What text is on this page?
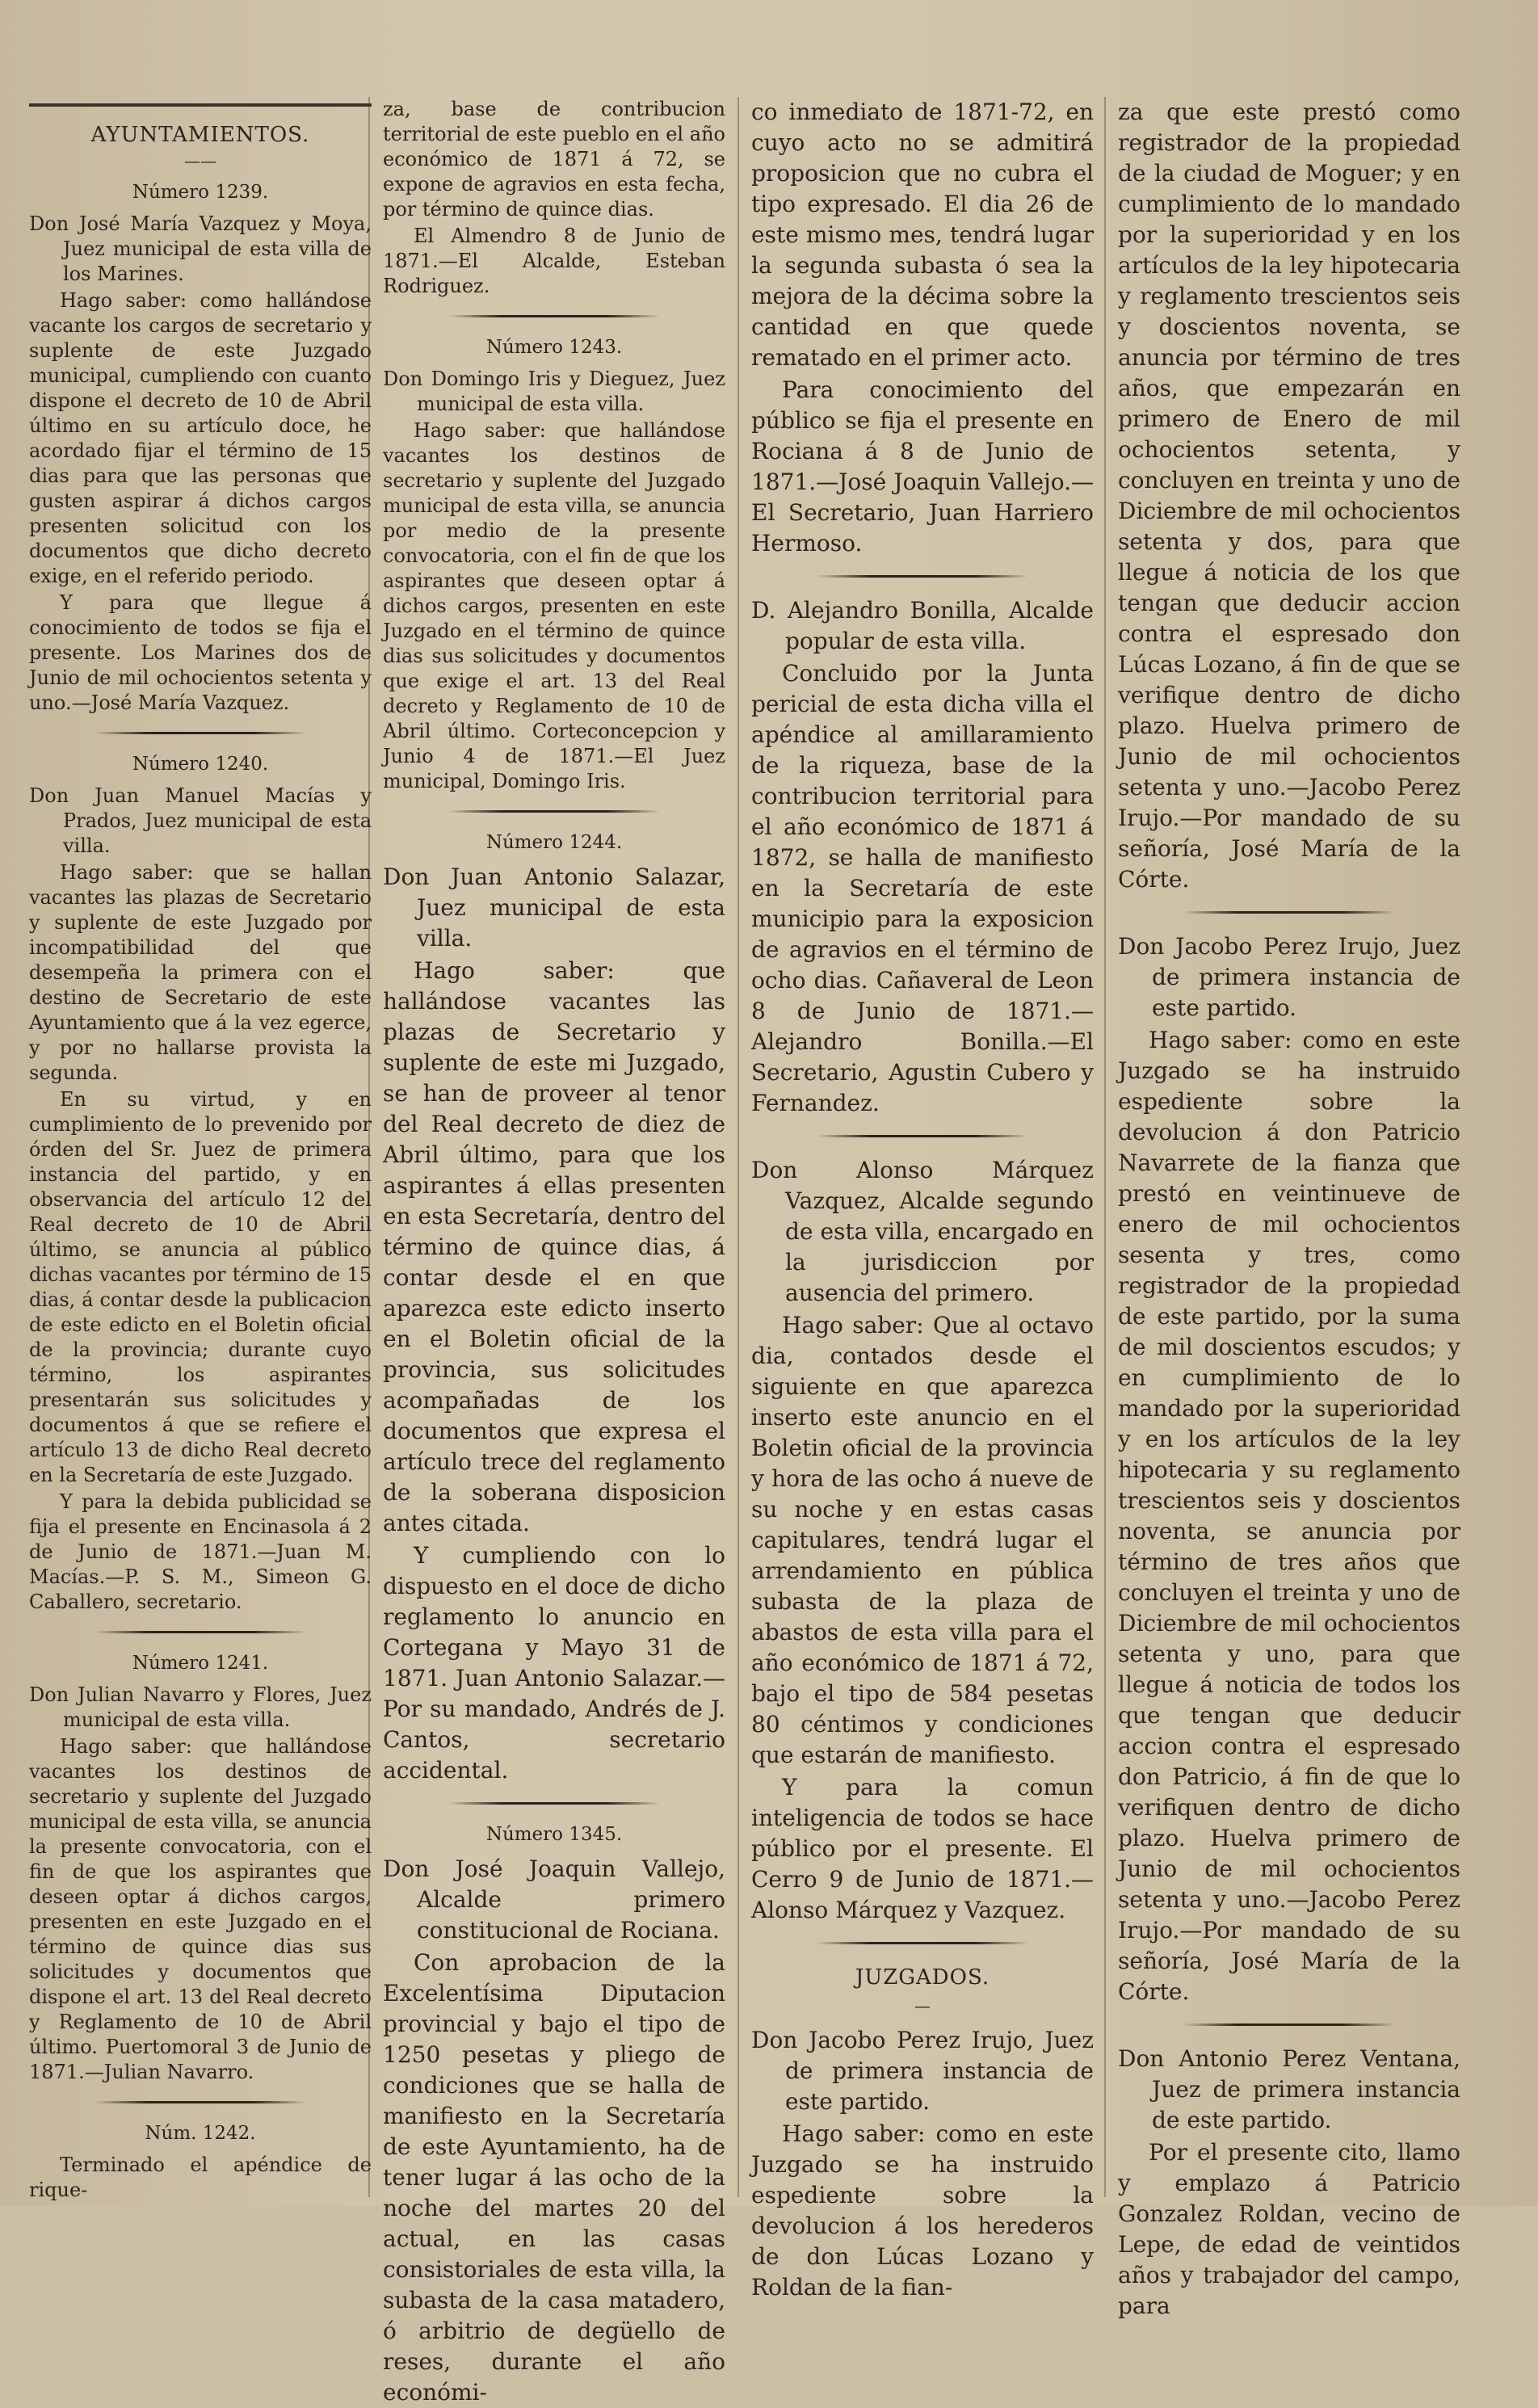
AYUNTAMIENTOS.
——
Número 1239.

Don José María Vazquez y Moya, Juez municipal de esta villa de los Marines.

Hago saber: como hallándose vacante los cargos de secretario y suplente de este Juzgado municipal, cumpliendo con cuanto dispone el decreto de 10 de Abril último en su artículo doce, he acordado fijar el término de 15 dias para que las personas que gusten aspirar á dichos cargos presenten solicitud con los documentos que dicho decreto exige, en el referido periodo.

Y para que llegue á conocimiento de todos se fija el presente. Los Marines dos de Junio de mil ochocientos setenta y uno.—José María Vazquez.

Número 1240.

Don Juan Manuel Macías y Prados, Juez municipal de esta villa.

Hago saber: que se hallan vacantes las plazas de Secretario y suplente de este Juzgado por incompatibilidad del que desempeña la primera con el destino de Secretario de este Ayuntamiento que á la vez egerce, y por no hallarse provista la segunda.

En su virtud, y en cumplimiento de lo prevenido por órden del Sr. Juez de primera instancia del partido, y en observancia del artículo 12 del Real decreto de 10 de Abril último, se anuncia al público dichas vacantes por término de 15 dias, á contar desde la publicacion de este edicto en el Boletin oficial de la provincia; durante cuyo término, los aspirantes presentarán sus solicitudes y documentos á que se refiere el artículo 13 de dicho Real decreto en la Secretaría de este Juzgado.

Y para la debida publicidad se fija el presente en Encinasola á 2 de Junio de 1871.—Juan M. Macías.—P. S. M., Simeon G. Caballero, secretario.

Número 1241.

Don Julian Navarro y Flores, Juez municipal de esta villa.

Hago saber: que hallándose vacantes los destinos de secretario y suplente del Juzgado municipal de esta villa, se anuncia la presente convocatoria, con el fin de que los aspirantes que deseen optar á dichos cargos, presenten en este Juzgado en el término de quince dias sus solicitudes y documentos que dispone el art. 13 del Real decreto y Reglamento de 10 de Abril último. Puertomoral 3 de Junio de 1871.—Julian Navarro.

Núm. 1242.

Terminado el apéndice de rique-

za, base de contribucion territorial de este pueblo en el año económico de 1871 á 72, se expone de agravios en esta fecha, por término de quince dias.

El Almendro 8 de Junio de 1871.—El Alcalde, Esteban Rodriguez.

Número 1243.

Don Domingo Iris y Dieguez, Juez municipal de esta villa.

Hago saber: que hallándose vacantes los destinos de secretario y suplente del Juzgado municipal de esta villa, se anuncia por medio de la presente convocatoria, con el fin de que los aspirantes que deseen optar á dichos cargos, presenten en este Juzgado en el término de quince dias sus solicitudes y documentos que exige el art. 13 del Real decreto y Reglamento de 10 de Abril último. Corteconcepcion y Junio 4 de 1871.—El Juez municipal, Domingo Iris.

Número 1244.

Don Juan Antonio Salazar, Juez municipal de esta villa.

Hago saber: que hallándose vacantes las plazas de Secretario y suplente de este mi Juzgado, se han de proveer al tenor del Real decreto de diez de Abril último, para que los aspirantes á ellas presenten en esta Secretaría, dentro del término de quince dias, á contar desde el en que aparezca este edicto inserto en el Boletin oficial de la provincia, sus solicitudes acompañadas de los documentos que expresa el artículo trece del reglamento de la soberana disposicion antes citada.

Y cumpliendo con lo dispuesto en el doce de dicho reglamento lo anuncio en Cortegana y Mayo 31 de 1871. Juan Antonio Salazar.—Por su mandado, Andrés de J. Cantos, secretario accidental.

Número 1345.

Don José Joaquin Vallejo, Alcalde primero constitucional de Rociana.

Con aprobacion de la Excelentísima Diputacion provincial y bajo el tipo de 1250 pesetas y pliego de condiciones que se halla de manifiesto en la Secretaría de este Ayuntamiento, ha de tener lugar á las ocho de la noche del martes 20 del actual, en las casas consistoriales de esta villa, la subasta de la casa matadero, ó arbitrio de degüello de reses, durante el año económi-

co inmediato de 1871-72, en cuyo acto no se admitirá proposicion que no cubra el tipo expresado. El dia 26 de este mismo mes, tendrá lugar la segunda subasta ó sea la mejora de la décima sobre la cantidad en que quede rematado en el primer acto.

Para conocimiento del público se fija el presente en Rociana á 8 de Junio de 1871.—José Joaquin Vallejo.—El Secretario, Juan Harriero Hermoso.

D. Alejandro Bonilla, Alcalde popular de esta villa.

Concluido por la Junta pericial de esta dicha villa el apéndice al amillaramiento de la riqueza, base de la contribucion territorial para el año económico de 1871 á 1872, se halla de manifiesto en la Secretaría de este municipio para la exposicion de agravios en el término de ocho dias. Cañaveral de Leon 8 de Junio de 1871.—Alejandro Bonilla.—El Secretario, Agustin Cubero y Fernandez.

Don Alonso Márquez Vazquez, Alcalde segundo de esta villa, encargado en la jurisdiccion por ausencia del primero.

Hago saber: Que al octavo dia, contados desde el siguiente en que aparezca inserto este anuncio en el Boletin oficial de la provincia y hora de las ocho á nueve de su noche y en estas casas capitulares, tendrá lugar el arrendamiento en pública subasta de la plaza de abastos de esta villa para el año económico de 1871 á 72, bajo el tipo de 584 pesetas 80 céntimos y condiciones que estarán de manifiesto.

Y para la comun inteligencia de todos se hace público por el presente. El Cerro 9 de Junio de 1871.—Alonso Márquez y Vazquez.

JUZGADOS.
—

Don Jacobo Perez Irujo, Juez de primera instancia de este partido.

Hago saber: como en este Juzgado se ha instruido espediente sobre la devolucion á los herederos de don Lúcas Lozano y Roldan de la fian-

za que este prestó como registrador de la propiedad de la ciudad de Moguer; y en cumplimiento de lo mandado por la superioridad y en los artículos de la ley hipotecaria y reglamento trescientos seis y doscientos noventa, se anuncia por término de tres años, que empezarán en primero de Enero de mil ochocientos setenta, y concluyen en treinta y uno de Diciembre de mil ochocientos setenta y dos, para que llegue á noticia de los que tengan que deducir accion contra el espresado don Lúcas Lozano, á fin de que se verifique dentro de dicho plazo. Huelva primero de Junio de mil ochocientos setenta y uno.—Jacobo Perez Irujo.—Por mandado de su señoría, José María de la Córte.

Don Jacobo Perez Irujo, Juez de primera instancia de este partido.

Hago saber: como en este Juzgado se ha instruido espediente sobre la devolucion á don Patricio Navarrete de la fianza que prestó en veintinueve de enero de mil ochocientos sesenta y tres, como registrador de la propiedad de este partido, por la suma de mil doscientos escudos; y en cumplimiento de lo mandado por la superioridad y en los artículos de la ley hipotecaria y su reglamento trescientos seis y doscientos noventa, se anuncia por término de tres años que concluyen el treinta y uno de Diciembre de mil ochocientos setenta y uno, para que llegue á noticia de todos los que tengan que deducir accion contra el espresado don Patricio, á fin de que lo verifiquen dentro de dicho plazo. Huelva primero de Junio de mil ochocientos setenta y uno.—Jacobo Perez Irujo.—Por mandado de su señoría, José María de la Córte.

Don Antonio Perez Ventana, Juez de primera instancia de este partido.

Por el presente cito, llamo y emplazo á Patricio Gonzalez Roldan, vecino de Lepe, de edad de veintidos años y trabajador del campo, para
